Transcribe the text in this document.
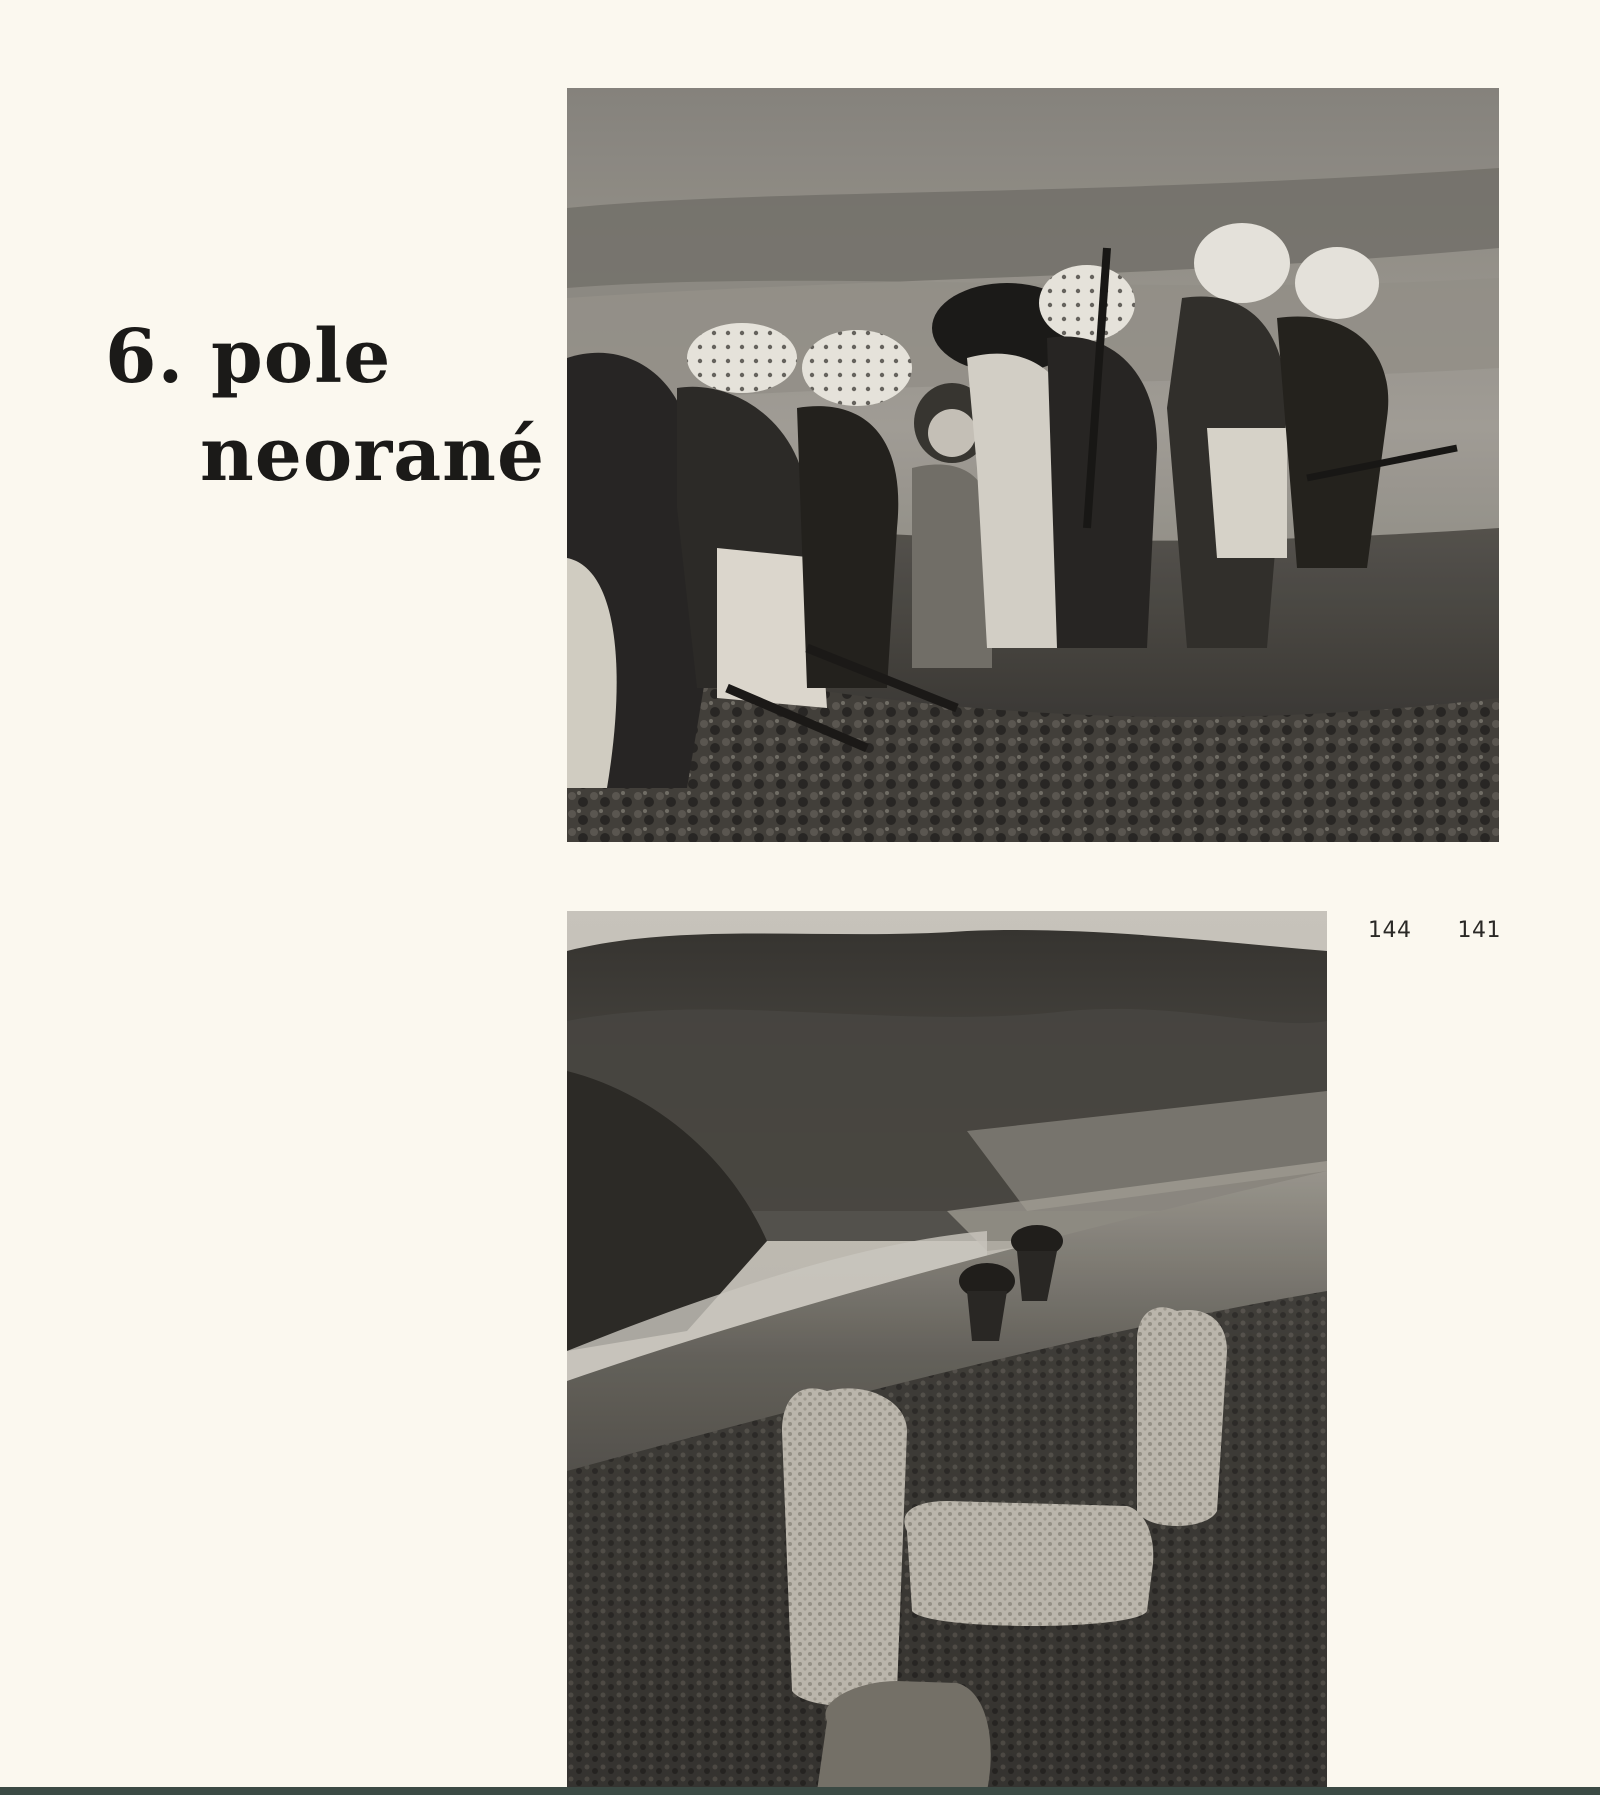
6. pole
neorané
144 141
